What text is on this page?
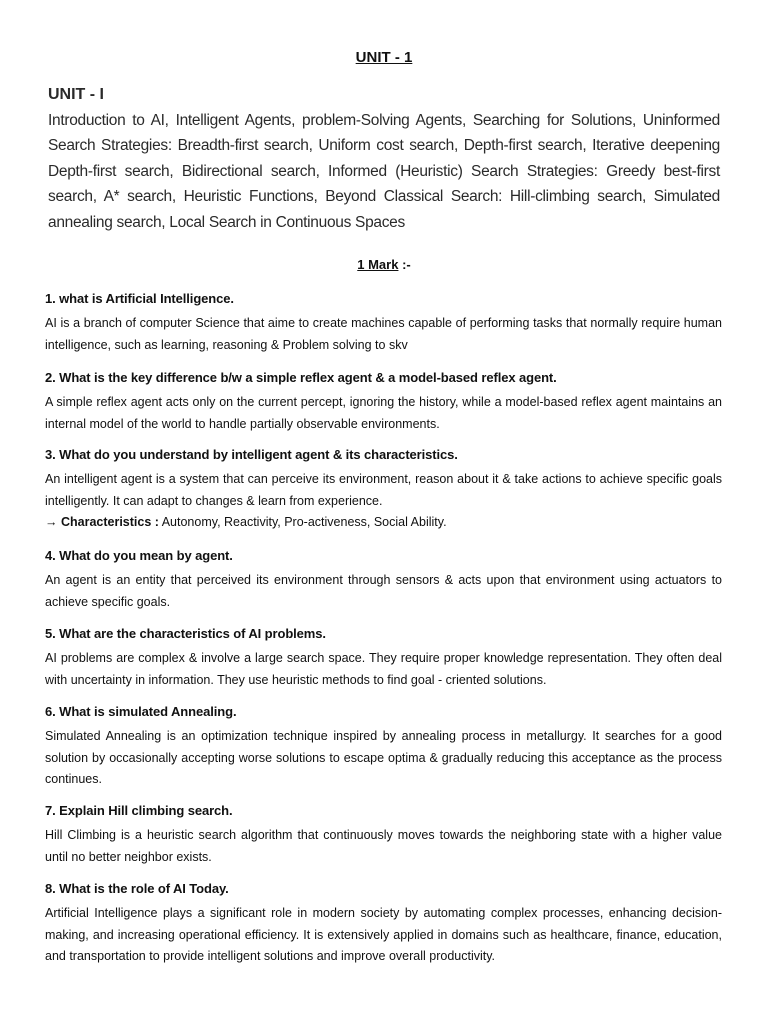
UNIT - 1
UNIT - I
Introduction to AI, Intelligent Agents, problem-Solving Agents, Searching for Solutions, Uninformed Search Strategies: Breadth-first search, Uniform cost search, Depth-first search, Iterative deepening Depth-first search, Bidirectional search, Informed (Heuristic) Search Strategies: Greedy best-first search, A* search, Heuristic Functions, Beyond Classical Search: Hill-climbing search, Simulated annealing search, Local Search in Continuous Spaces
1 Mark :-

1. what is Artificial Intelligence.

AI is a branch of computer Science that aime to create machines capable of performing tasks that normally require human intelligence, such as learning, reasoning & Problem solving to skv

2. What is the key difference b/w a simple reflex agent & a model-based reflex agent.

A simple reflex agent acts only on the current percept, ignoring the history, while a model-based reflex agent maintains an internal model of the world to handle partially observable environments.

3. What do you understand by intelligent agent & its characteristics.

An intelligent agent is a system that can perceive its environment, reason about it & take actions to achieve specific goals intelligently. It can adapt to changes & learn from experience.

→ Characteristics : Autonomy, Reactivity, Pro-activeness, Social Ability.

4. What do you mean by agent.

An agent is an entity that perceived its environment through sensors & acts upon that environment using actuators to achieve specific goals.

5. What are the characteristics of AI problems.

AI problems are complex & involve a large search space. They require proper knowledge representation. They often deal with uncertainty in information. They use heuristic methods to find goal - criented solutions.

6. What is simulated Annealing.

Simulated Annealing is an optimization technique inspired by annealing process in metallurgy. It searches for a good solution by occasionally accepting worse solutions to escape optima & gradually reducing this acceptance as the process continues.

7. Explain Hill climbing search.

Hill Climbing is a heuristic search algorithm that continuously moves towards the neighboring state with a higher value until no better neighbor exists.

8. What is the role of AI Today.

Artificial Intelligence plays a significant role in modern society by automating complex processes, enhancing decision-making, and increasing operational efficiency. It is extensively applied in domains such as healthcare, finance, education, and transportation to provide intelligent solutions and improve overall productivity.
